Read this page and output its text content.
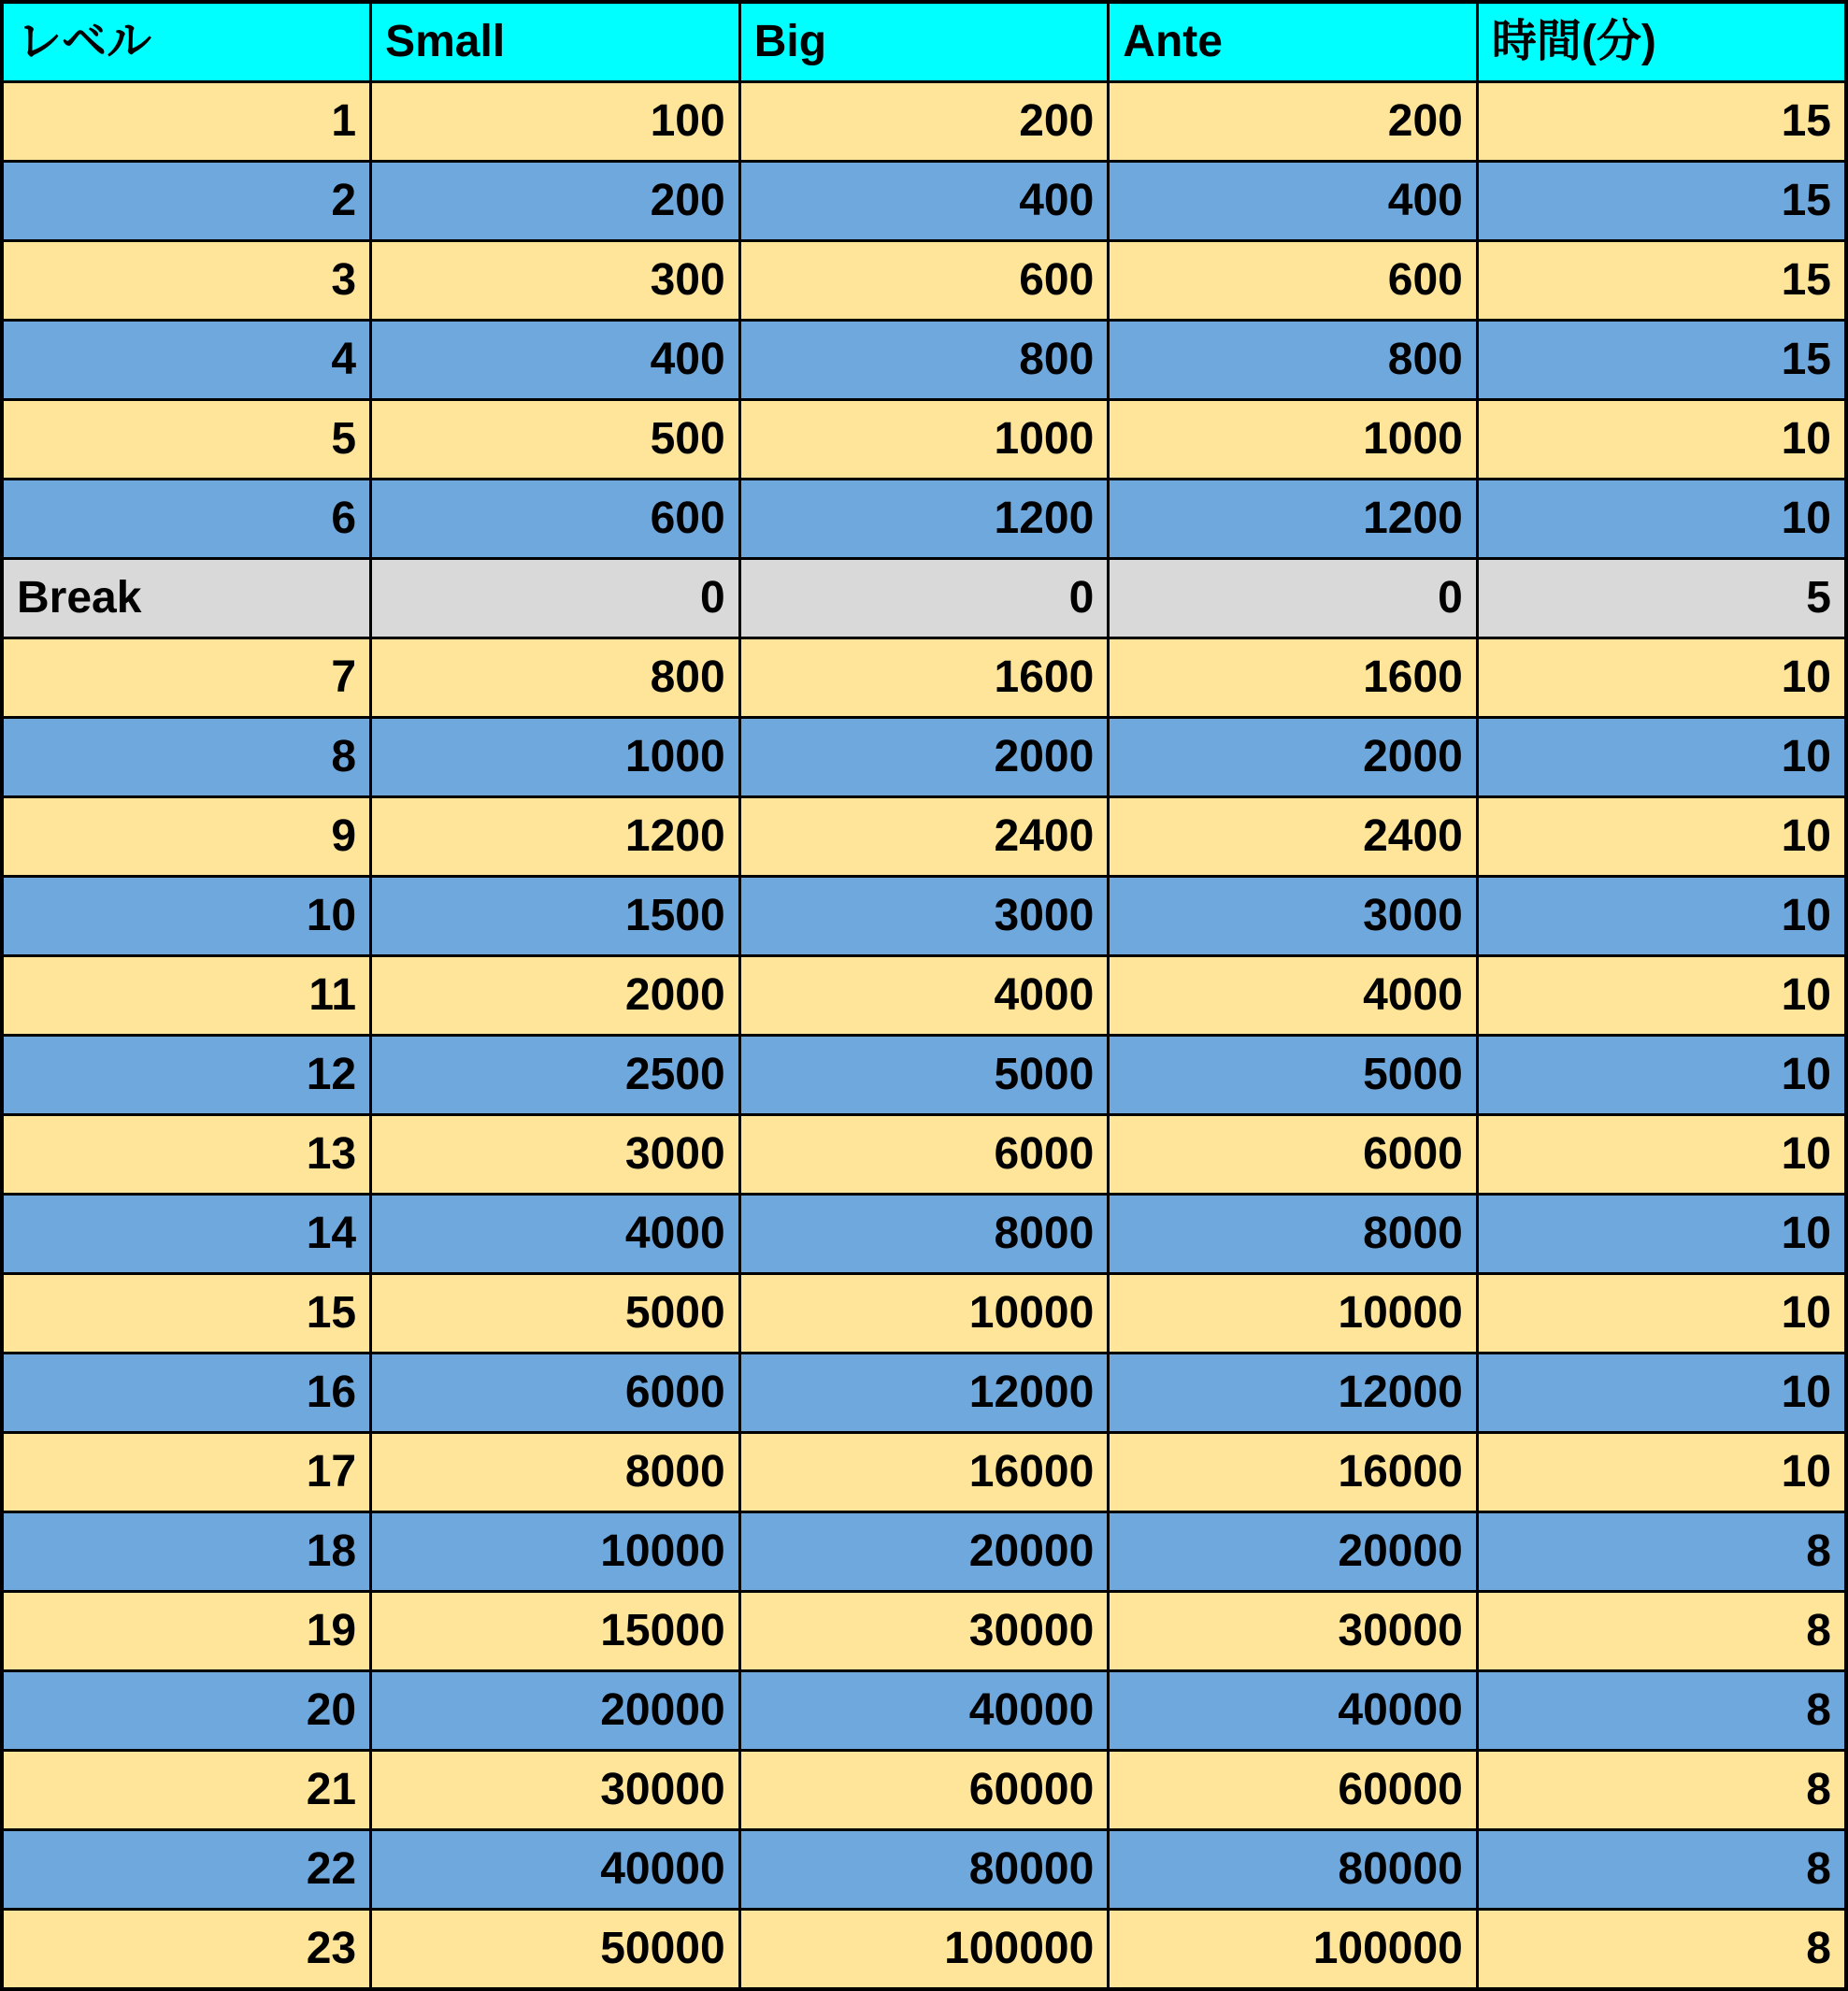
レベル	Small	Big	Ante	時間(分)
1	100	200	200	15
2	200	400	400	15
3	300	600	600	15
4	400	800	800	15
5	500	1000	1000	10
6	600	1200	1200	10
Break	0	0	0	5
7	800	1600	1600	10
8	1000	2000	2000	10
9	1200	2400	2400	10
10	1500	3000	3000	10
11	2000	4000	4000	10
12	2500	5000	5000	10
13	3000	6000	6000	10
14	4000	8000	8000	10
15	5000	10000	10000	10
16	6000	12000	12000	10
17	8000	16000	16000	10
18	10000	20000	20000	8
19	15000	30000	30000	8
20	20000	40000	40000	8
21	30000	60000	60000	8
22	40000	80000	80000	8
23	50000	100000	100000	8
